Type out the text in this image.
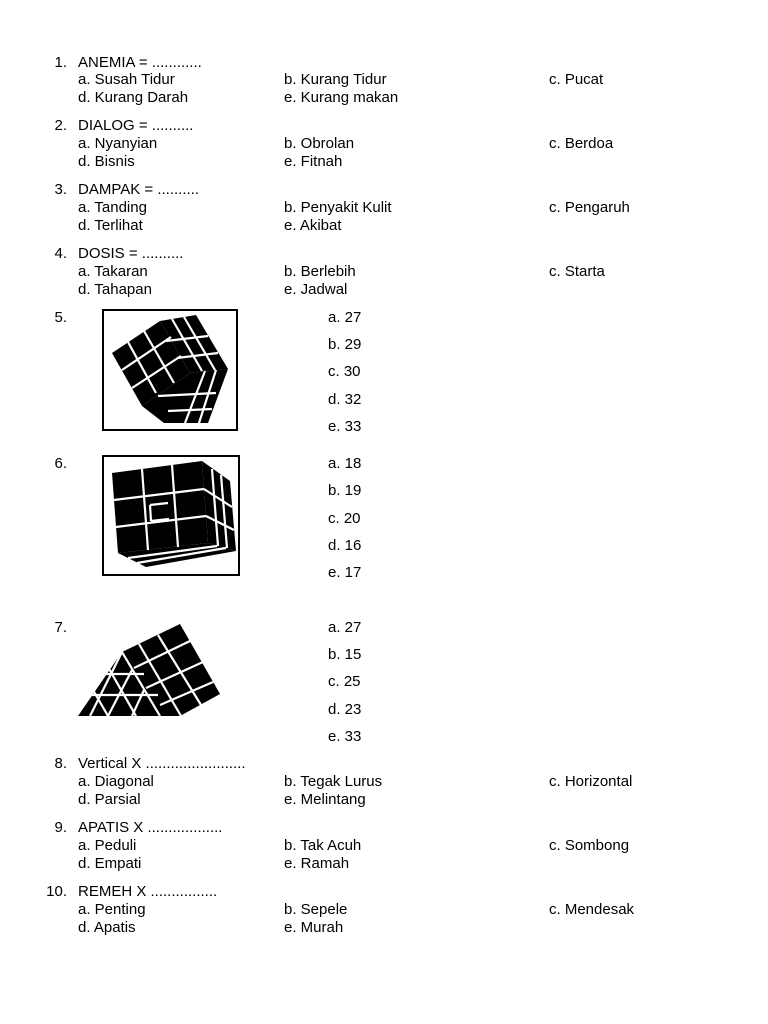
1. ANEMIA = ............
a. Susah Tidur	b. Kurang Tidur	c. Pucat
d. Kurang Darah	e. Kurang makan
2. DIALOG = ..........
a. Nyanyian	b. Obrolan	c. Berdoa
d. Bisnis	e. Fitnah
3. DAMPAK = ..........
a. Tanding	b. Penyakit Kulit	c. Pengaruh
d. Terlihat	e. Akibat
4. DOSIS = ..........
a. Takaran	b. Berlebih	c. Starta
d. Tahapan	e. Jadwal
5.	a. 27
b. 29
c. 30
d. 32
e. 33
6.	a. 18
b. 19
c. 20
d. 16
e. 17
7.	a. 27
b. 15
c. 25
d. 23
e. 33
8. Vertical X ........................
a. Diagonal	b. Tegak Lurus	c. Horizontal
d. Parsial	e. Melintang
9. APATIS X ..................
a. Peduli	b. Tak Acuh	c. Sombong
d. Empati	e. Ramah
10. REMEH X ................
a. Penting	b. Sepele	c. Mendesak
d. Apatis	e. Murah
